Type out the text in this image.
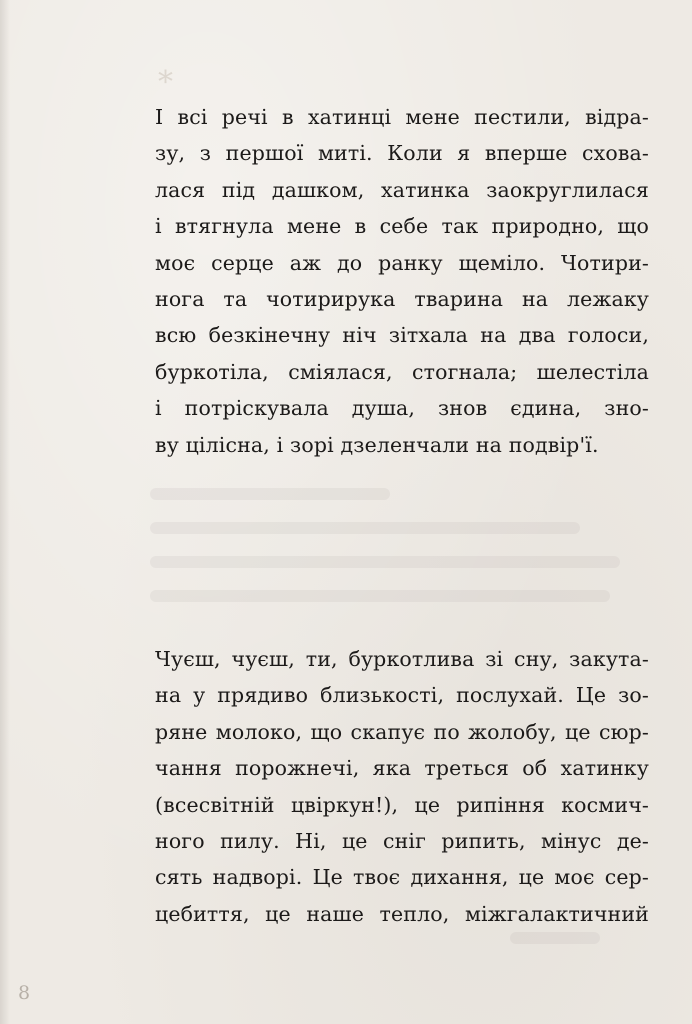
*
І всі речі в хатинці мене пестили, відра-
зу, з першої миті. Коли я вперше схова-
лася під дашком, хатинка заокруглилася
і втягнула мене в себе так природно, що
моє серце аж до ранку щеміло. Чотири-
нога та чотирирука тварина на лежаку
всю безкінечну ніч зітхала на два голоси,
буркотіла, сміялася, стогнала; шелестіла
і потріскувала душа, знов єдина, зно-
ву цілісна, і зорі дзеленчали на подвір'ї.
Чуєш, чуєш, ти, буркотлива зі сну, закута-
на у прядиво близькості, послухай. Це зо-
ряне молоко, що скапує по жолобу, це сюр-
чання порожнечі, яка треться об хатинку
(всесвітній цвіркун!), це рипіння космич-
ного пилу. Ні, це сніг рипить, мінус де-
сять надворі. Це твоє дихання, це моє сер-
цебиття, це наше тепло, міжгалактичний
8
